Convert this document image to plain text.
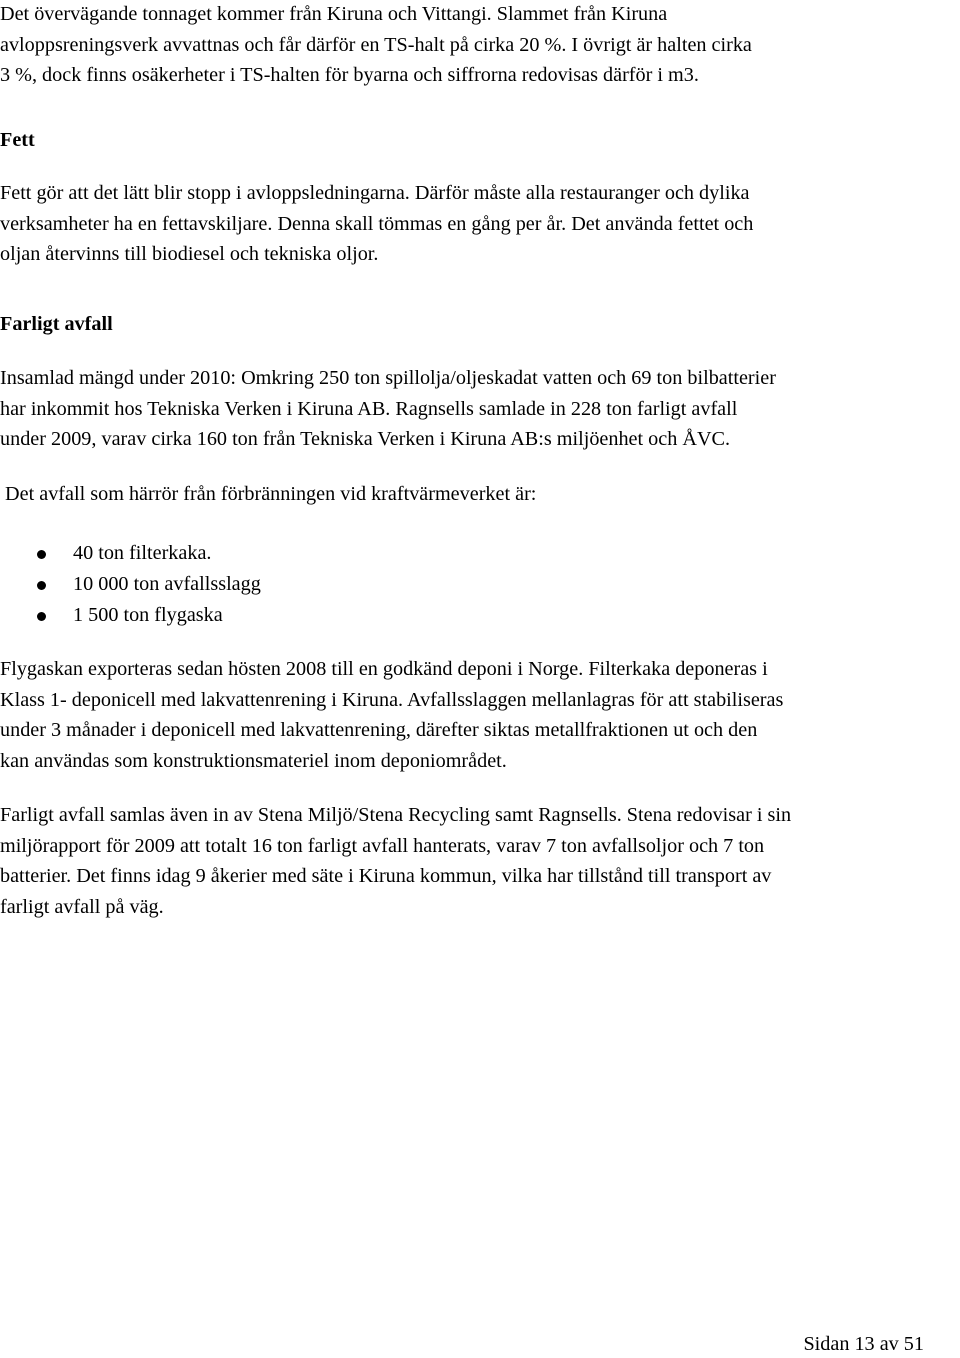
Det övervägande tonnaget kommer från Kiruna och Vittangi. Slammet från Kiruna
avloppsreningsverk avvattnas och får därför en TS-halt på cirka 20 %. I övrigt är halten cirka
3 %, dock finns osäkerheter i TS-halten för byarna och siffrorna redovisas därför i m3.

Fett

Fett gör att det lätt blir stopp i avloppsledningarna. Därför måste alla restauranger och dylika
verksamheter ha en fettavskiljare. Denna skall tömmas en gång per år. Det använda fettet och
oljan återvinns till biodiesel och tekniska oljor.

Farligt avfall

Insamlad mängd under 2010: Omkring 250 ton spillolja/oljeskadat vatten och 69 ton bilbatterier
har inkommit hos Tekniska Verken i Kiruna AB. Ragnsells samlade in 228 ton farligt avfall
under 2009, varav cirka 160 ton från Tekniska Verken i Kiruna AB:s miljöenhet och ÅVC.

Det avfall som härrör från förbränningen vid kraftvärmeverket är:

40 ton filterkaka.
10 000 ton avfallsslagg
1 500 ton flygaska

Flygaskan exporteras sedan hösten 2008 till en godkänd deponi i Norge. Filterkaka deponeras i
Klass 1- deponicell med lakvattenrening i Kiruna. Avfallsslaggen mellanlagras för att stabiliseras
under 3 månader i deponicell med lakvattenrening, därefter siktas metallfraktionen ut och den
kan användas som konstruktionsmateriel inom deponiområdet.

Farligt avfall samlas även in av Stena Miljö/Stena Recycling samt Ragnsells. Stena redovisar i sin
miljörapport för 2009 att totalt 16 ton farligt avfall hanterats, varav 7 ton avfallsoljor och 7 ton
batterier. Det finns idag 9 åkerier med säte i Kiruna kommun, vilka har tillstånd till transport av
farligt avfall på väg.

Sidan 13 av 51
